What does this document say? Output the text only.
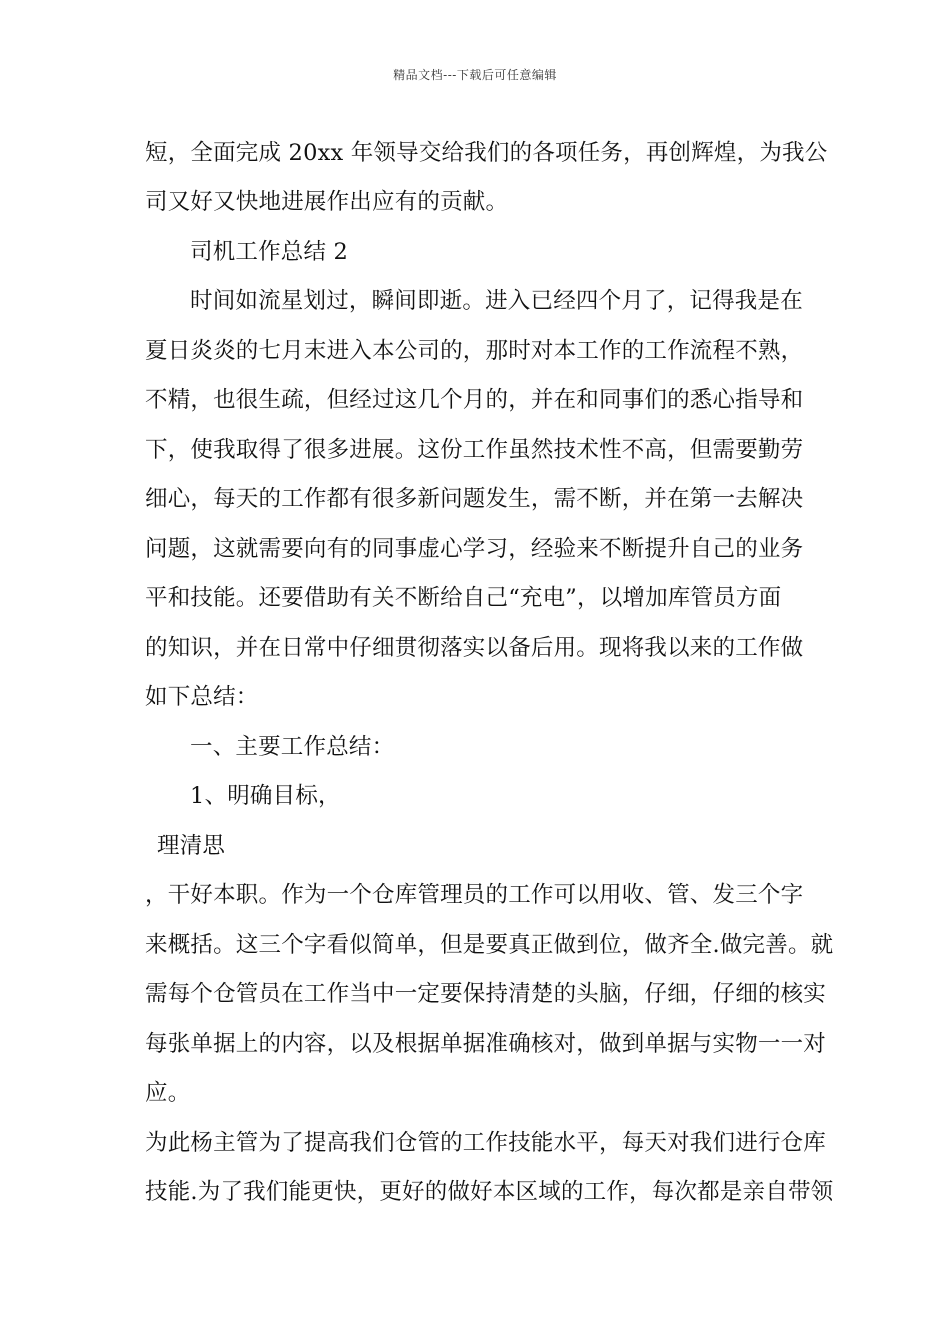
精品文档---下载后可任意编辑
短，全面完成 20xx 年领导交给我们的各项任务，再创辉煌，为我公
司又好又快地进展作出应有的贡献。
司机工作总结 2
时间如流星划过，瞬间即逝。进入已经四个月了，记得我是在
夏日炎炎的七月末进入本公司的，那时对本工作的工作流程不熟，
不精，也很生疏，但经过这几个月的，并在和同事们的悉心指导和
下，使我取得了很多进展。这份工作虽然技术性不高，但需要勤劳
细心，每天的工作都有很多新问题发生，需不断，并在第一去解决
问题，这就需要向有的同事虚心学习，经验来不断提升自己的业务
平和技能。还要借助有关不断给自己“充电”，以增加库管员方面
的知识，并在日常中仔细贯彻落实以备后用。现将我以来的工作做
如下总结：
一、主要工作总结：
1、明确目标，
理清思
，干好本职。作为一个仓库管理员的工作可以用收、管、发三个字
来概括。这三个字看似简单，但是要真正做到位，做齐全.做完善。就
需每个仓管员在工作当中一定要保持清楚的头脑，仔细，仔细的核实
每张单据上的内容，以及根据单据准确核对，做到单据与实物一一对
应。
为此杨主管为了提高我们仓管的工作技能水平，每天对我们进行仓库
技能.为了我们能更快，更好的做好本区域的工作，每次都是亲自带领
